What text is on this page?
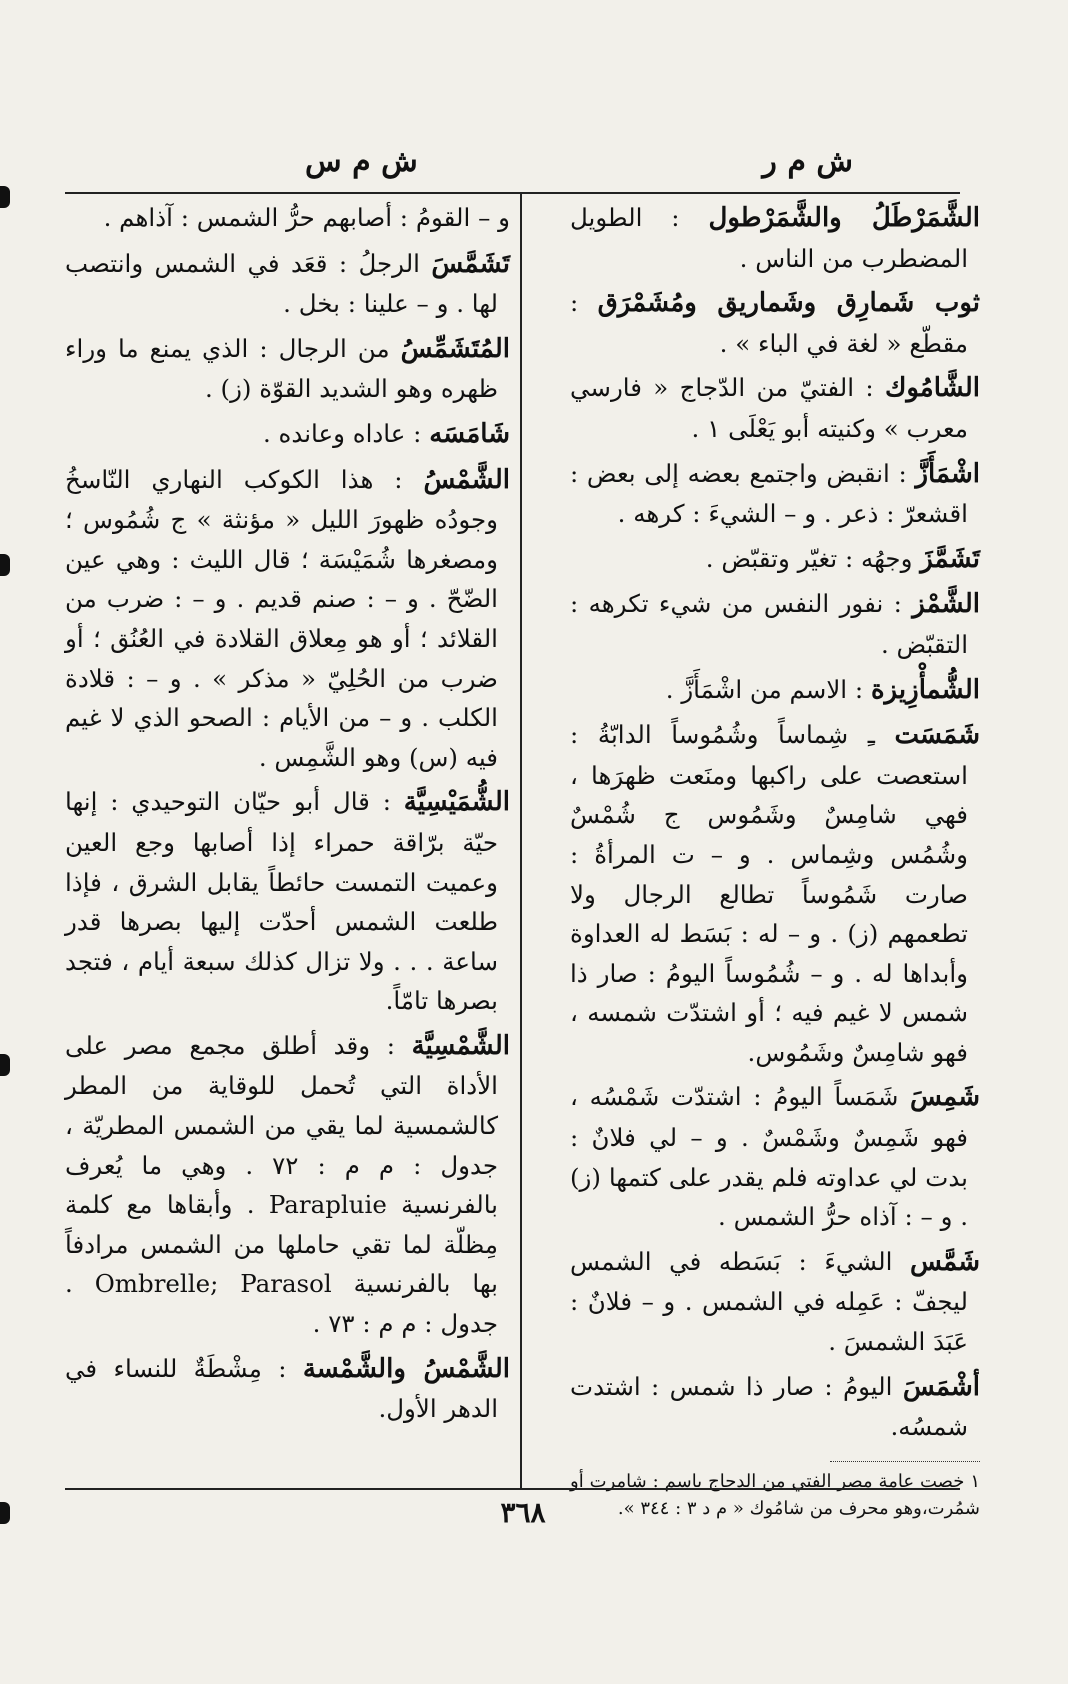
ش م ر
ش م س

الشَّمَرْطَلُ والشَّمَرْطول : الطويل المضطرب من الناس .

ثوب شَمارِق وشَماريق ومُشَمْرَق : مقطّع « لغة في الباء » .

الشَّامُوك : الفتيّ من الدّجاج « فارسي معرب » وكنيته أبو يَعْلَى ١ .

اشْمَأَزَّ : انقبض واجتمع بعضه إلى بعض : اقشعرّ : ذعر . و – الشيءَ : كرهه .

تَشَمَّزَ وجهُه : تغيّر وتقبّض .

الشَّمْز : نفور النفس من شيء تكرهه : التقبّض .

الشُّمأْزِيزة : الاسم من اشْمَأَزَّ .

شَمَسَت ـِ شِماساً وشُمُوساً الدابّةُ : استعصت على راكبها ومنَعت ظهرَها ، فهي شامِسٌ وشَمُوس ج شُمْسٌ وشُمُس وشِماس . و – ت المرأةُ : صارت شَمُوساً تطالع الرجال ولا تطعمهم (ز) . و – له : بَسَط له العداوة وأبداها له . و – شُمُوساً اليومُ : صار ذا شمس لا غيم فيه ؛ أو اشتدّت شمسه ، فهو شامِسٌ وشَمُوس.

شَمِسَ شَمَساً اليومُ : اشتدّت شَمْسُه ، فهو شَمِسٌ وشَمْسٌ . و – لي فلانٌ : بدت لي عداوته فلم يقدر على كتمها (ز) . و – : آذاه حرُّ الشمس .

شَمَّس الشيءَ : بَسَطه في الشمس ليجفّ : عَمِله في الشمس . و – فلانٌ : عَبَدَ الشمسَ .

أشْمَسَ اليومُ : صار ذا شمس : اشتدت شمسُه.

١ خصت عامة مصر الفتي من الدجاج باسم : شامرت أو شمُرت،وهو محرف من شامُوك « م د ٣ : ٣٤٤ ».

و – القومُ : أصابهم حرُّ الشمس : آذاهم .

تَشَمَّسَ الرجلُ : قعَد في الشمس وانتصب لها . و – علينا : بخل .

المُتَشَمِّسُ من الرجال : الذي يمنع ما وراء ظهره وهو الشديد القوّة (ز) .

شَامَسَه : عاداه وعانده .

الشَّمْسُ : هذا الكوكب النهاري النّاسخُ وجودُه ظهورَ الليل « مؤنثة » ج شُمُوس ؛ ومصغرها شُمَيْسَة ؛ قال الليث : وهي عين الضّحّ . و – : صنم قديم . و – : ضرب من القلائد ؛ أو هو مِعلاق القلادة في العُنُق ؛ أو ضرب من الحُلِيّ « مذكر » . و – : قلادة الكلب . و – من الأيام : الصحو الذي لا غيم فيه (س) وهو الشَّمِس .

الشُّمَيْسِيَّة : قال أبو حيّان التوحيدي : إنها حيّة برّاقة حمراء إذا أصابها وجع العين وعميت التمست حائطاً يقابل الشرق ، فإذا طلعت الشمس أحدّت إليها بصرها قدر ساعة . . . ولا تزال كذلك سبعة أيام ، فتجد بصرها تامّاً.

الشَّمْسِيَّة : وقد أطلق مجمع مصر على الأداة التي تُحمل للوقاية من المطر كالشمسية لما يقي من الشمس المطريّة ، جدول : م م : ٧٢ . وهي ما يُعرف بالفرنسية Parapluie . وأبقاها مع كلمة مِظلّة لما تقي حاملها من الشمس مرادفاً بها بالفرنسية Ombrelle; Parasol . جدول : م م : ٧٣ .

الشَّمْسُ والشَّمْسة : مِشْطَةٌ للنساء في الدهر الأول.

٣٦٨
